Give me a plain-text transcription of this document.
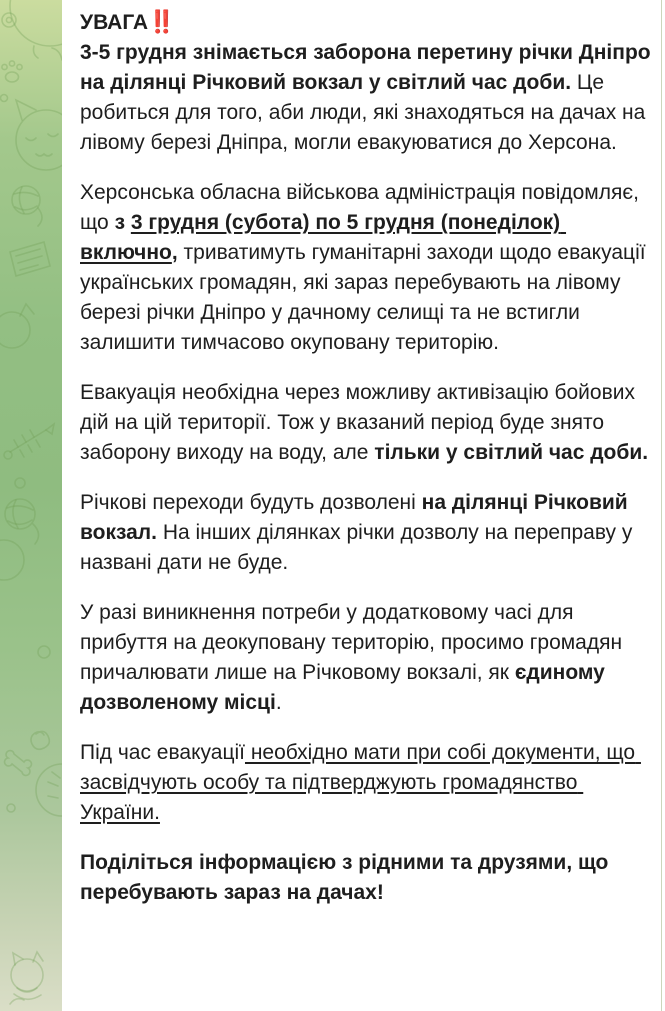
УВАГА‼️
3-5 грудня знімається заборона перетину річки Дніпро на ділянці Річковий вокзал у світлий час доби. Це робиться для того, аби люди, які знаходяться на дачах на лівому березі Дніпра, могли евакуюватися до Херсона.
Херсонська обласна військова адміністрація повідомляє, що з 3 грудня (субота) по 5 грудня (понеділок) включно, триватимуть гуманітарні заходи щодо евакуації українських громадян, які зараз перебувають на лівому березі річки Дніпро у дачному селищі та не встигли залишити тимчасово окуповану територію.
Евакуація необхідна через можливу активізацію бойових дій на цій території. Тож у вказаний період буде знято заборону виходу на воду, але тільки у світлий час доби.
Річкові переходи будуть дозволені на ділянці Річковий вокзал. На інших ділянках річки дозволу на переправу у названі дати не буде.
У разі виникнення потреби у додатковому часі для прибуття на деокуповану територію, просимо громадян причалювати лише на Річковому вокзалі, як єдиному дозволеному місці.
Під час евакуації необхідно мати при собі документи, що засвідчують особу та підтверджують громадянство України.
Поділіться інформацією з рідними та друзями, що перебувають зараз на дачах!
